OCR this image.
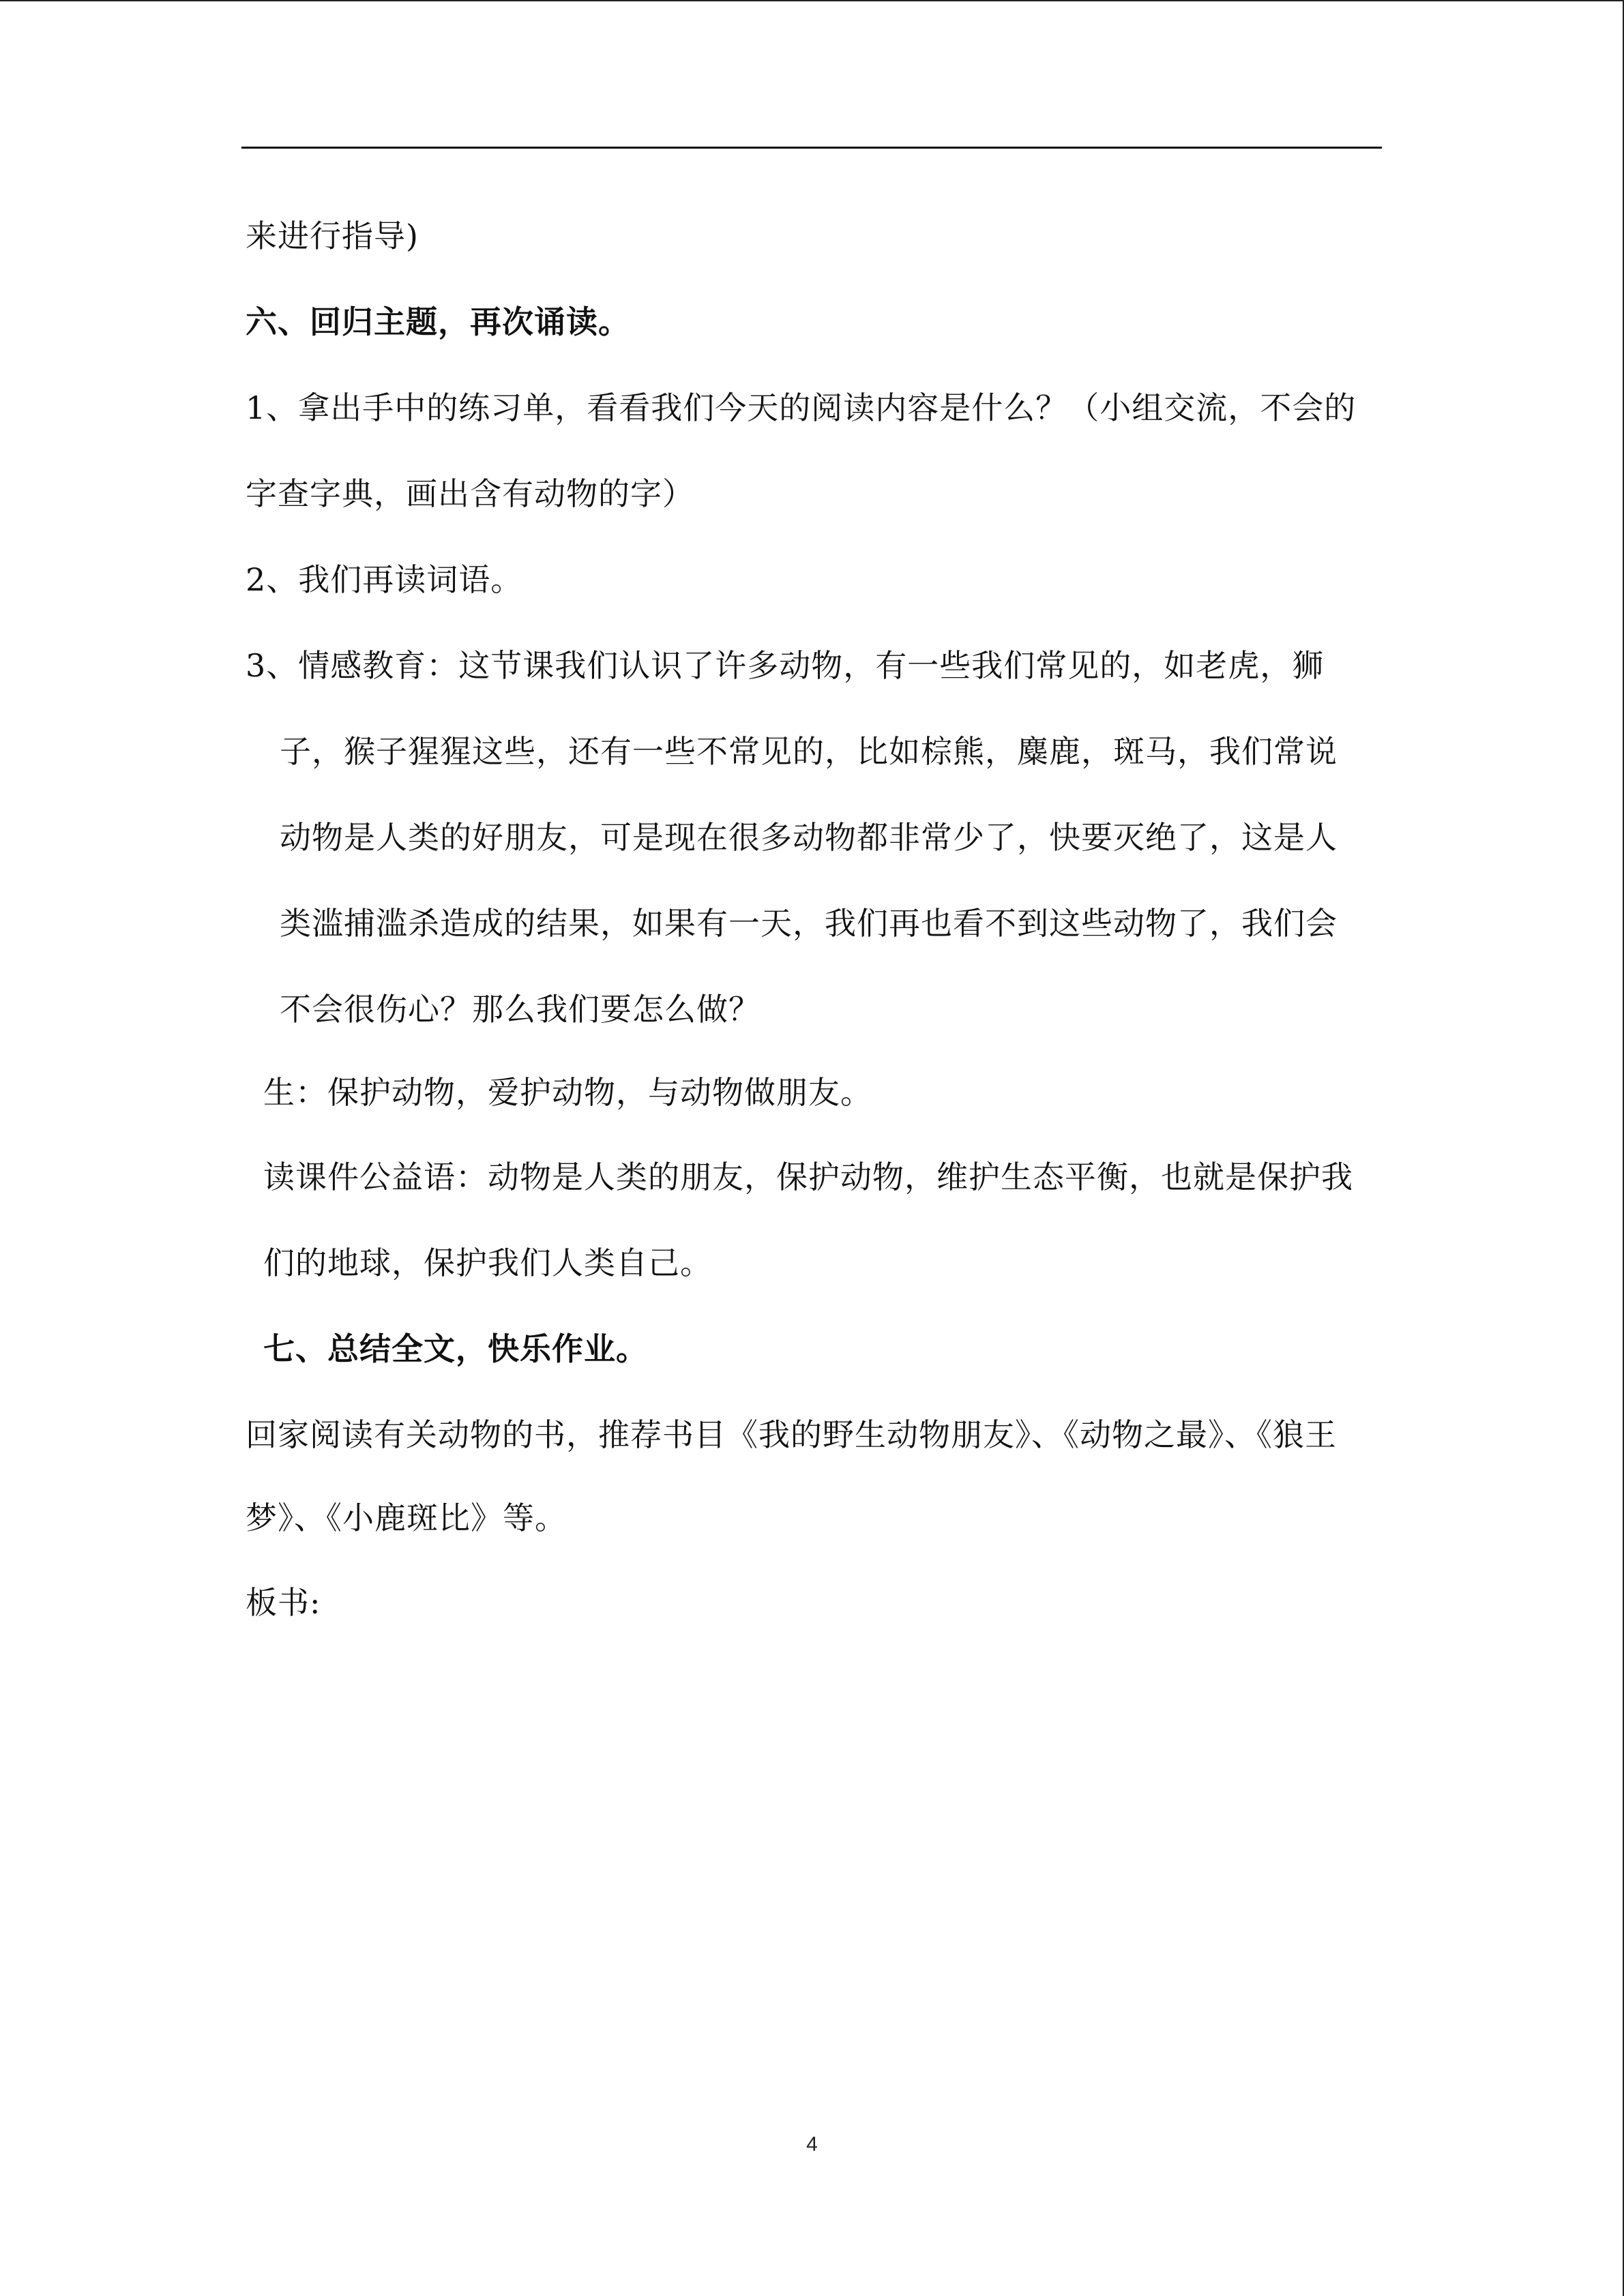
来进行指导)
六、回归主题，再次诵读。
1、拿出手中的练习单，看看我们今天的阅读内容是什么？（小组交流，不会的
字查字典，画出含有动物的字）
2、我们再读词语。
3、情感教育：这节课我们认识了许多动物，有一些我们常见的，如老虎，狮
子，猴子猩猩这些，还有一些不常见的，比如棕熊，麋鹿，斑马，我们常说
动物是人类的好朋友，可是现在很多动物都非常少了，快要灭绝了，这是人
类滥捕滥杀造成的结果，如果有一天，我们再也看不到这些动物了，我们会
不会很伤心？那么我们要怎么做？
生：保护动物，爱护动物，与动物做朋友。
读课件公益语：动物是人类的朋友，保护动物，维护生态平衡，也就是保护我
们的地球，保护我们人类自己。
七、总结全文，快乐作业。
回家阅读有关动物的书，推荐书目《我的野生动物朋友》、《动物之最》、《狼王
梦》、《小鹿斑比》等。
板书:
4
